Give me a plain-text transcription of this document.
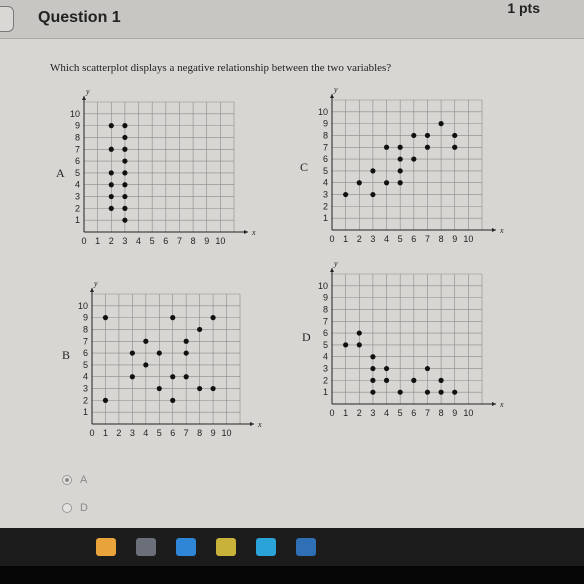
Question 1
1 pts
Which scatterplot displays a negative relationship between the two variables?
0 1 2 3 4 5 6 7 8 9 10
1
2
3
4
5
6
7
8
9
10
x
y
A
0 1 2 3 4 5 6 7 8 9 10
1
2
3
4
5
6
7
8
9
10
x
y
C
0 1 2 3 4 5 6 7 8 9 10
1
2
3
4
5
6
7
8
9
10
x
y
B
0 1 2 3 4 5 6 7 8 9 10
1
2
3
4
5
6
7
8
9
10
x
y
D
A
D
